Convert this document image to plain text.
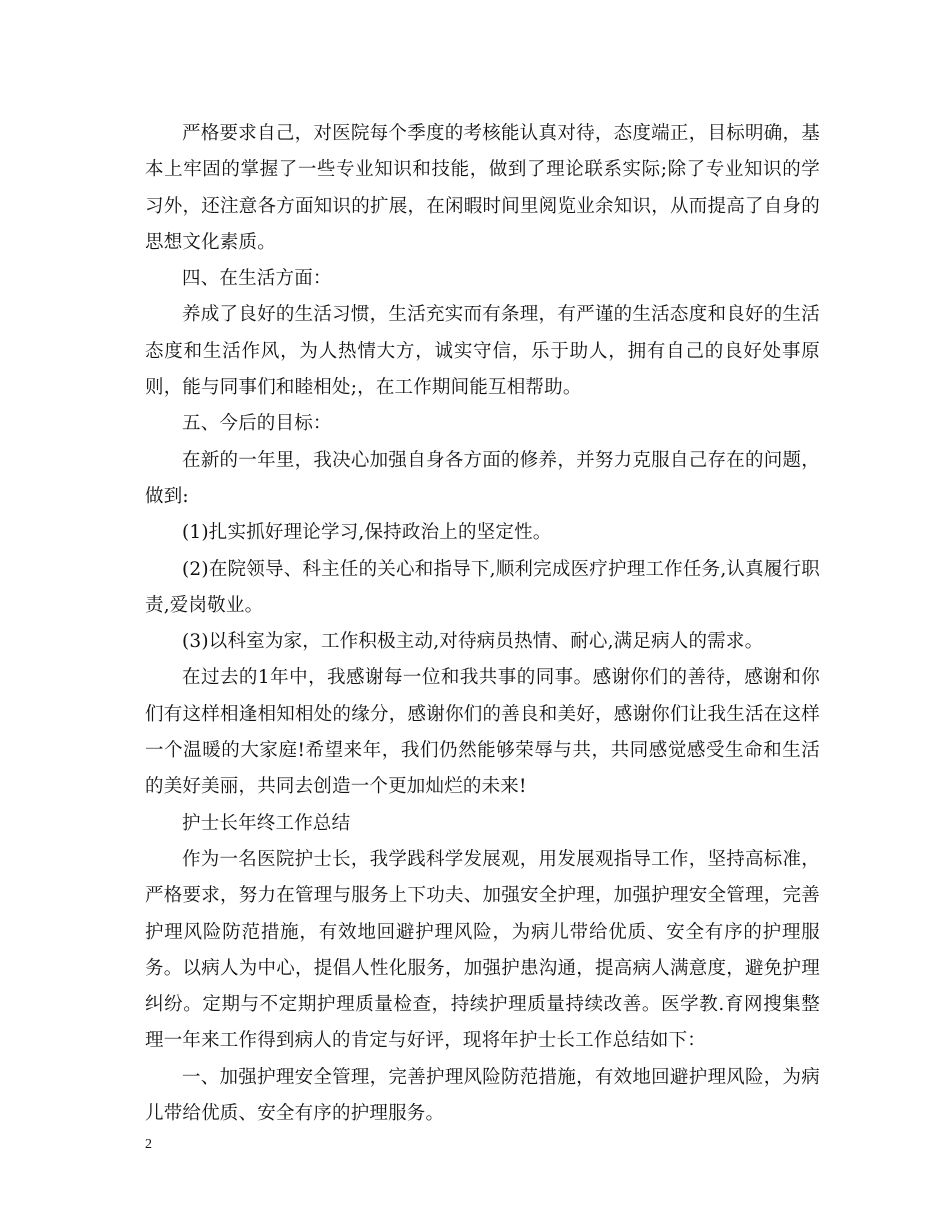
严格要求自己，对医院每个季度的考核能认真对待，态度端正，目标明确，基本上牢固的掌握了一些专业知识和技能，做到了理论联系实际;除了专业知识的学习外，还注意各方面知识的扩展，在闲暇时间里阅览业余知识，从而提高了自身的思想文化素质。

四、在生活方面：

养成了良好的生活习惯，生活充实而有条理，有严谨的生活态度和良好的生活态度和生活作风，为人热情大方，诚实守信，乐于助人，拥有自己的良好处事原则，能与同事们和睦相处;，在工作期间能互相帮助。

五、今后的目标：

在新的一年里，我决心加强自身各方面的修养，并努力克服自己存在的问题，做到:

(1)扎实抓好理论学习,保持政治上的坚定性。

(2)在院领导、科主任的关心和指导下,顺利完成医疗护理工作任务,认真履行职责,爱岗敬业。

(3)以科室为家，工作积极主动,对待病员热情、耐心,满足病人的需求。

在过去的1年中，我感谢每一位和我共事的同事。感谢你们的善待，感谢和你们有这样相逢相知相处的缘分，感谢你们的善良和美好，感谢你们让我生活在这样一个温暖的大家庭!希望来年，我们仍然能够荣辱与共，共同感觉感受生命和生活的美好美丽，共同去创造一个更加灿烂的未来!

护士长年终工作总结

作为一名医院护士长，我学践科学发展观，用发展观指导工作，坚持高标准，严格要求，努力在管理与服务上下功夫、加强安全护理，加强护理安全管理，完善护理风险防范措施，有效地回避护理风险，为病儿带给优质、安全有序的护理服务。以病人为中心，提倡人性化服务，加强护患沟通，提高病人满意度，避免护理纠纷。定期与不定期护理质量检查，持续护理质量持续改善。医学教.育网搜集整理一年来工作得到病人的肯定与好评，现将年护士长工作总结如下：

一、加强护理安全管理，完善护理风险防范措施，有效地回避护理风险，为病儿带给优质、安全有序的护理服务。

2
